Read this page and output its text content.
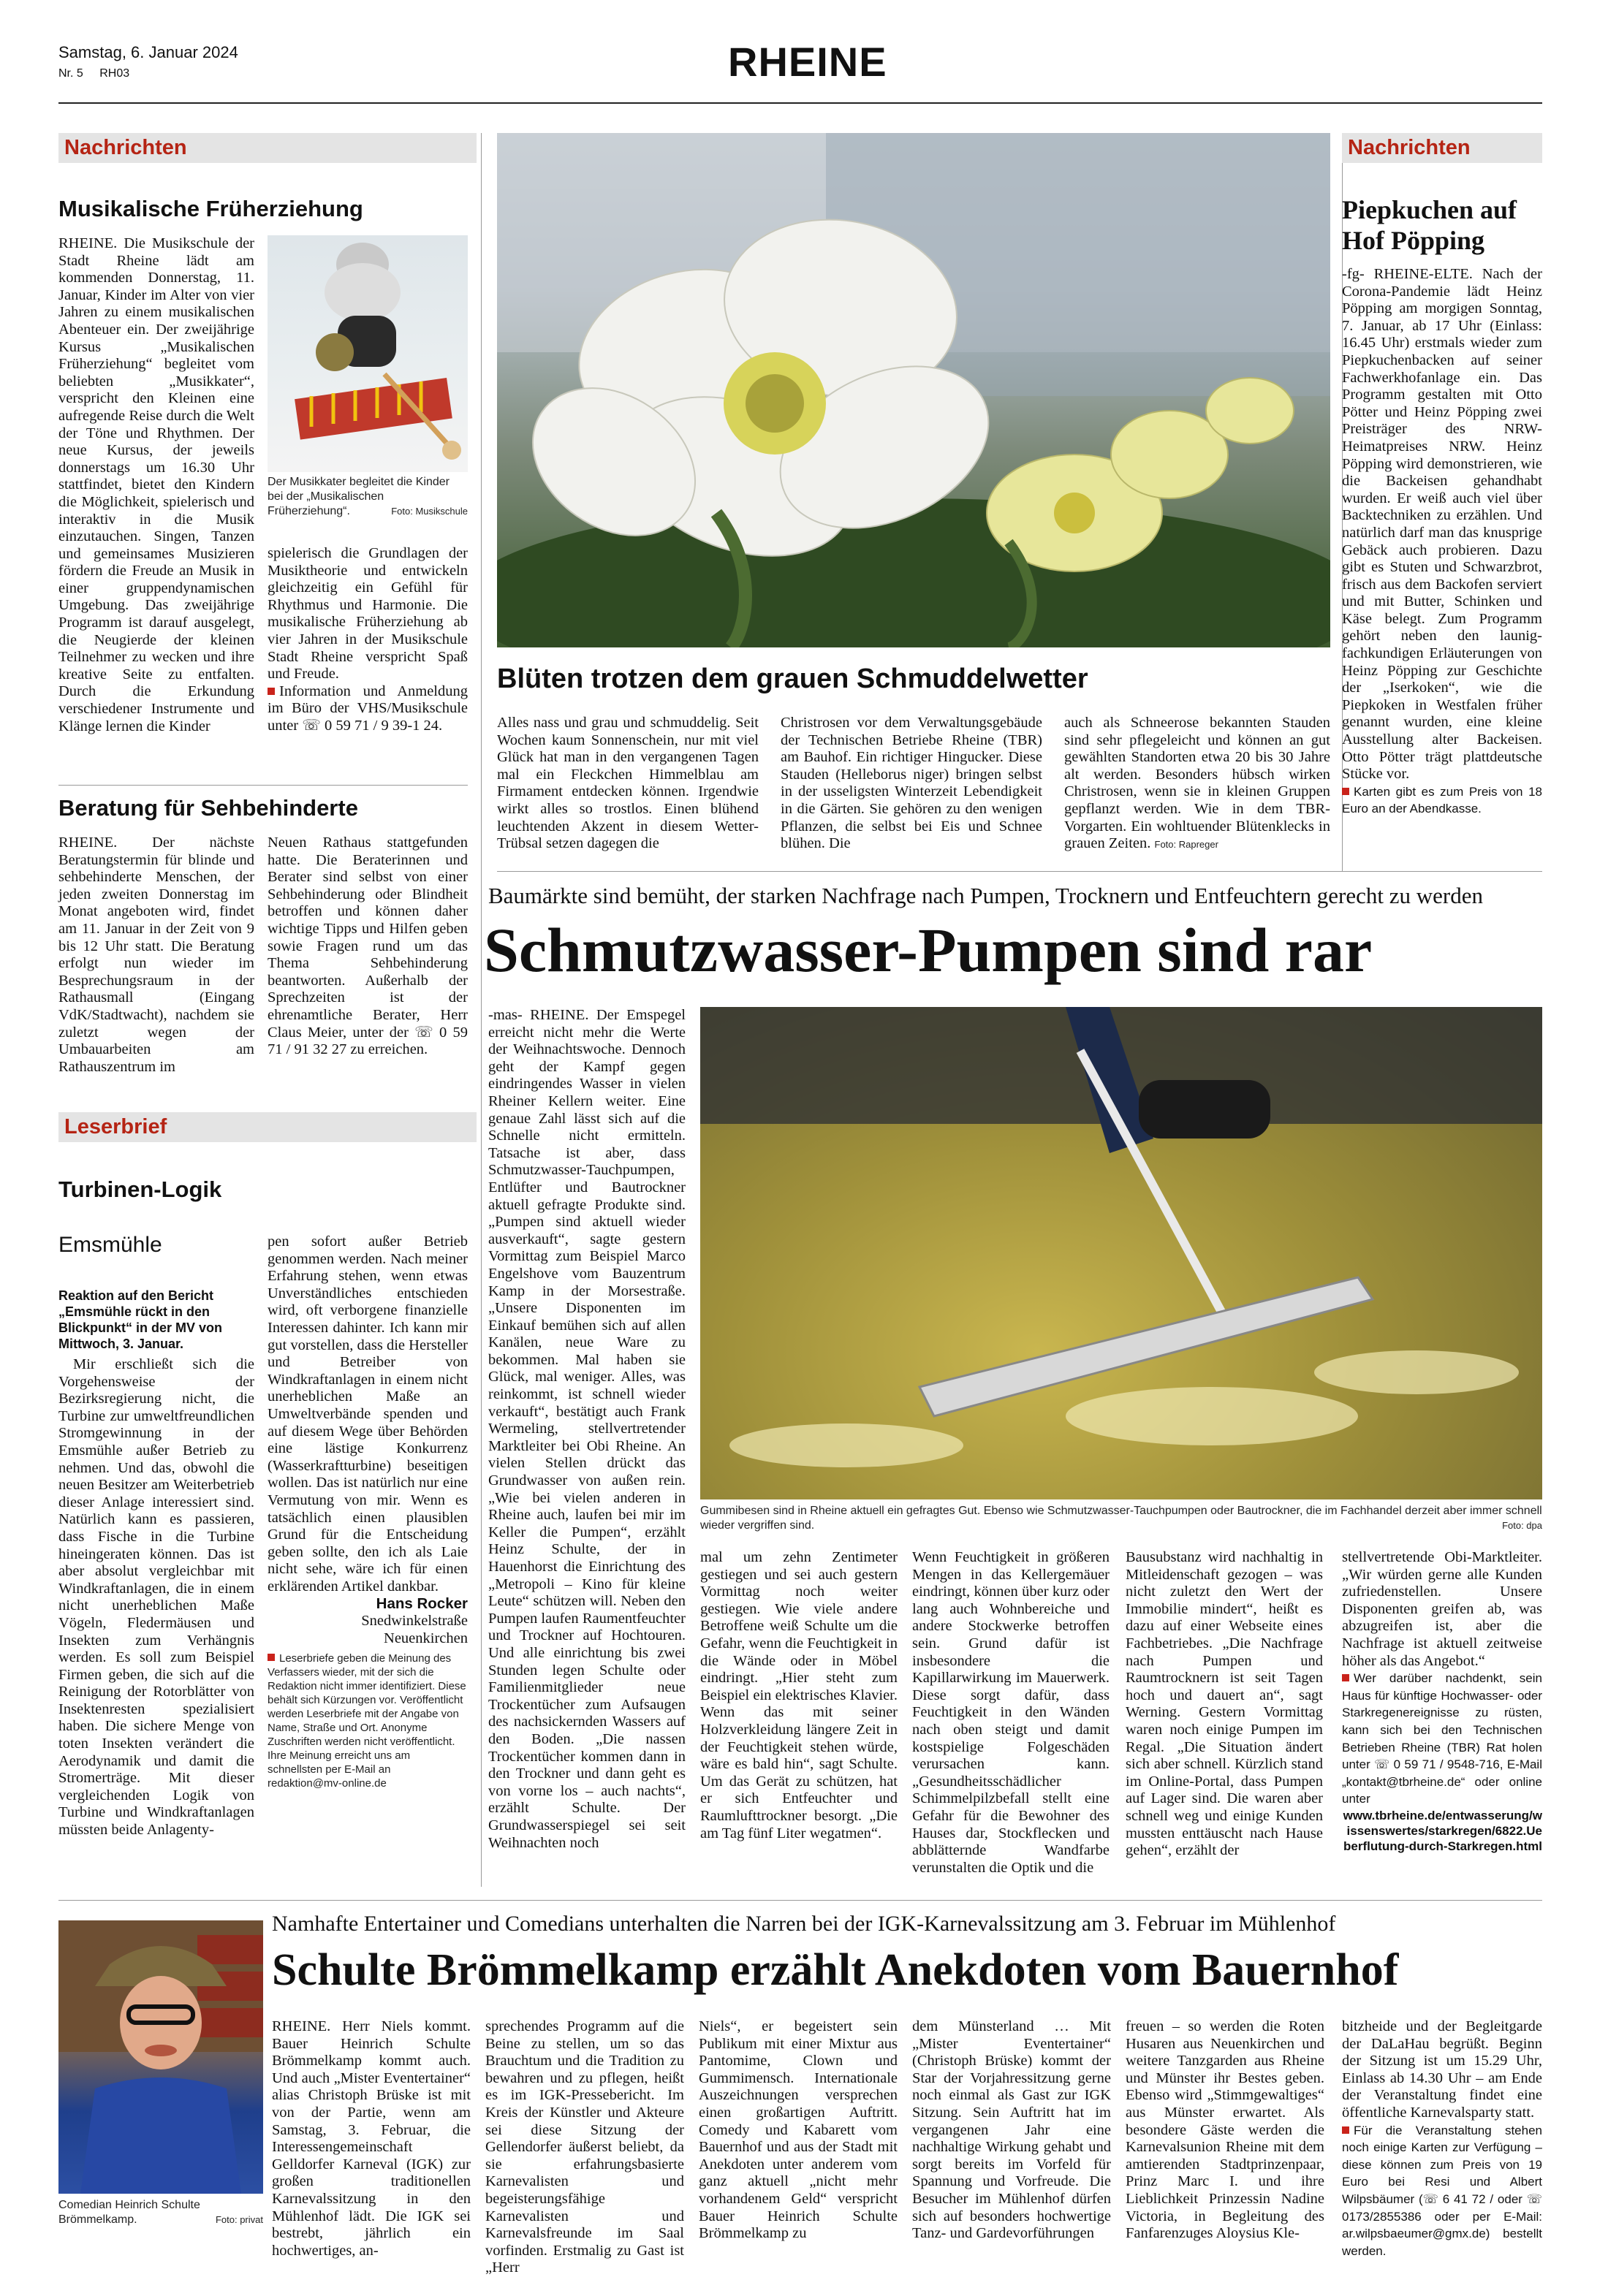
Samstag, 6. Januar 2024
Nr. 5 RH03	RHEINE
Nachrichten
Musikalische Früherziehung
RHEINE. Die Musikschule der Stadt Rheine lädt am kommenden Donnerstag, 11. Januar, Kinder im Alter von vier Jahren zu einem musikalischen Abenteuer ein. Der zweijährige Kursus „Musikalischen Früherziehung“ begleitet vom beliebten „Musikkater“, verspricht den Kleinen eine aufregende Reise durch die Welt der Töne und Rhythmen. Der neue Kursus, der jeweils donnerstags um 16.30 Uhr stattfindet, bietet den Kindern die Möglichkeit, spielerisch und interaktiv in die Musik einzutauchen. Singen, Tanzen und gemeinsames Musizieren fördern die Freude an Musik in einer gruppendynamischen Umgebung. Das zweijährige Programm ist darauf ausgelegt, die Neugierde der kleinen Teilnehmer zu wecken und ihre kreative Seite zu entfalten. Durch die Erkundung verschiedener Instrumente und Klänge lernen die Kinder
Der Musikkater begleitet die Kinder bei der „Musikalischen Früherziehung“.	Foto: Musikschule
spielerisch die Grundlagen der Musiktheorie und entwickeln gleichzeitig ein Gefühl für Rhythmus und Harmonie. Die musikalische Früherziehung ab vier Jahren in der Musikschule Stadt Rheine verspricht Spaß und Freude.
Information und Anmeldung im Büro der VHS/Musikschule unter ☏ 0 59 71 / 9 39-1 24.
Beratung für Sehbehinderte
RHEINE. Der nächste Beratungstermin für blinde und sehbehinderte Menschen, der jeden zweiten Donnerstag im Monat angeboten wird, findet am 11. Januar in der Zeit von 9 bis 12 Uhr statt. Die Beratung erfolgt nun wieder im Besprechungsraum in der Rathausmall (Eingang VdK/Stadtwacht), nachdem sie zuletzt wegen der Umbauarbeiten am Rathauszentrum im
Neuen Rathaus stattgefunden hatte. Die Beraterinnen und Berater sind selbst von einer Sehbehinderung oder Blindheit betroffen und können daher wichtige Tipps und Hilfen geben sowie Fragen rund um das Thema Sehbehinderung beantworten. Außerhalb der Sprechzeiten ist der ehrenamtliche Berater, Herr Claus Meier, unter der ☏ 0 59 71 / 91 32 27 zu erreichen.
Leserbrief
Turbinen-Logik
Emsmühle
Reaktion auf den Bericht „Emsmühle rückt in den Blickpunkt“ in der MV von Mittwoch, 3. Januar.
Mir erschließt sich die Vorgehensweise der Bezirksregierung nicht, die Turbine zur umweltfreundlichen Stromgewinnung in der Emsmühle außer Betrieb zu nehmen. Und das, obwohl die neuen Besitzer am Weiterbetrieb dieser Anlage interessiert sind. Natürlich kann es passieren, dass Fische in die Turbine hineingeraten können. Das ist aber absolut vergleichbar mit Windkraftanlagen, die in einem nicht unerheblichen Maße Vögeln, Fledermäusen und Insekten zum Verhängnis werden. Es soll zum Beispiel Firmen geben, die sich auf die Reinigung der Rotorblätter von Insektenresten spezialisiert haben. Die sichere Menge von toten Insekten verändert die Aerodynamik und damit die Stromerträge. Mit dieser vergleichenden Logik von Turbine und Windkraftanlagen müssten beide Anlagenty-
pen sofort außer Betrieb genommen werden. Nach meiner Erfahrung stehen, wenn etwas Unverständliches entschieden wird, oft verborgene finanzielle Interessen dahinter. Ich kann mir gut vorstellen, dass die Hersteller und Betreiber von Windkraftanlagen in einem nicht unerheblichen Maße an Umweltverbände spenden und auf diesem Wege über Behörden eine lästige Konkurrenz (Wasserkraftturbine) beseitigen wollen. Das ist natürlich nur eine Vermutung von mir. Wenn es tatsächlich einen plausiblen Grund für die Entscheidung geben sollte, den ich als Laie nicht sehe, wäre ich für einen erklärenden Artikel dankbar.
Hans Rocker
Snedwinkelstraße
Neuenkirchen
Leserbriefe geben die Meinung des Verfassers wieder, mit der sich die Redaktion nicht immer identifiziert. Diese behält sich Kürzungen vor. Veröffentlicht werden Leserbriefe mit der Angabe von Name, Straße und Ort. Anonyme Zuschriften werden nicht veröffentlicht. Ihre Meinung erreicht uns am schnellsten per E-Mail an redaktion@mv-online.de
Blüten trotzen dem grauen Schmuddelwetter
Alles nass und grau und schmuddelig. Seit Wochen kaum Sonnenschein, nur mit viel Glück hat man in den vergangenen Tagen mal ein Fleckchen Himmelblau am Firmament entdecken können. Irgendwie wirkt alles so trostlos. Einen blühend leuchtenden Akzent in diesem Wetter-Trübsal setzen dagegen die
Christrosen vor dem Verwaltungsgebäude der Technischen Betriebe Rheine (TBR) am Bauhof. Ein richtiger Hingucker. Diese Stauden (Helleborus niger) bringen selbst in der usseligsten Winterzeit Lebendigkeit in die Gärten. Sie gehören zu den wenigen Pflanzen, die selbst bei Eis und Schnee blühen. Die
auch als Schneerose bekannten Stauden sind sehr pflegeleicht und können an gut gewählten Standorten etwa 20 bis 30 Jahre alt werden. Besonders hübsch wirken Christrosen, wenn sie in kleinen Gruppen gepflanzt werden. Wie in dem TBR-Vorgarten. Ein wohltuender Blütenklecks in grauen Zeiten. Foto: Rapreger
Nachrichten
Piepkuchen auf Hof Pöpping
-fg- RHEINE-ELTE. Nach der Corona-Pandemie lädt Heinz Pöpping am morgigen Sonntag, 7. Januar, ab 17 Uhr (Einlass: 16.45 Uhr) erstmals wieder zum Piepkuchenbacken auf seiner Fachwerkhofanlage ein. Das Programm gestalten mit Otto Pötter und Heinz Pöpping zwei Preisträger des NRW-Heimatpreises NRW. Heinz Pöpping wird demonstrieren, wie die Backeisen gehandhabt wurden. Er weiß auch viel über Backtechniken zu erzählen. Und natürlich darf man das knusprige Gebäck auch probieren. Dazu gibt es Stuten und Schwarzbrot, frisch aus dem Backofen serviert und mit Butter, Schinken und Käse belegt. Zum Programm gehört neben den launig-fachkundigen Erläuterungen von Heinz Pöpping zur Geschichte der „Iserkoken“, wie die Piepkoken in Westfalen früher genannt wurden, eine kleine Ausstellung alter Backeisen. Otto Pötter trägt plattdeutsche Stücke vor.
Karten gibt es zum Preis von 18 Euro an der Abendkasse.
Baumärkte sind bemüht, der starken Nachfrage nach Pumpen, Trocknern und Entfeuchtern gerecht zu werden
Schmutzwasser-Pumpen sind rar
-mas- RHEINE. Der Emspegel erreicht nicht mehr die Werte der Weihnachtswoche. Dennoch geht der Kampf gegen eindringendes Wasser in vielen Rheiner Kellern weiter. Eine genaue Zahl lässt sich auf die Schnelle nicht ermitteln. Tatsache ist aber, dass Schmutzwasser-Tauchpumpen, Entlüfter und Bautrockner aktuell gefragte Produkte sind. „Pumpen sind aktuell wieder ausverkauft“, sagte gestern Vormittag zum Beispiel Marco Engelshove vom Bauzentrum Kamp in der Morsestraße. „Unsere Disponenten im Einkauf bemühen sich auf allen Kanälen, neue Ware zu bekommen. Mal haben sie Glück, mal weniger. Alles, was reinkommt, ist schnell wieder verkauft“, bestätigt auch Frank Wermeling, stellvertretender Marktleiter bei Obi Rheine. An vielen Stellen drückt das Grundwasser von außen rein. „Wie bei vielen anderen in Rheine auch, laufen bei mir im Keller die Pumpen“, erzählt Heinz Schulte, der in Hauenhorst die Einrichtung des „Metropoli – Kino für kleine Leute“ schützen will. Neben den Pumpen laufen Raumentfeuchter und Trockner auf Hochtouren. Und alle einrichtung bis zwei Stunden legen Schulte oder Familienmitglieder neue Trockentücher zum Aufsaugen des nachsickernden Wassers auf den Boden. „Die nassen Trockentücher kommen dann in den Trockner und dann geht es von vorne los – auch nachts“, erzählt Schulte. Der Grundwasserspiegel sei seit Weihnachten noch
Gummibesen sind in Rheine aktuell ein gefragtes Gut. Ebenso wie Schmutzwasser-Tauchpumpen oder Bautrockner, die im Fachhandel derzeit aber immer schnell wieder vergriffen sind.	Foto: dpa
mal um zehn Zentimeter gestiegen und sei auch gestern Vormittag noch weiter gestiegen. Wie viele andere Betroffene weiß Schulte um die Gefahr, wenn die Feuchtigkeit in die Wände oder in Möbel eindringt. „Hier steht zum Beispiel ein elektrisches Klavier. Wenn das mit seiner Holzverkleidung längere Zeit in der Feuchtigkeit stehen würde, wäre es bald hin“, sagt Schulte. Um das Gerät zu schützen, hat er sich Entfeuchter und Raumlufttrockner besorgt. „Die am Tag fünf Liter wegatmen“.
Wenn Feuchtigkeit in größeren Mengen in das Kellergemäuer eindringt, können über kurz oder lang auch Wohnbereiche und andere Stockwerke betroffen sein. Grund dafür ist insbesondere die Kapillarwirkung im Mauerwerk. Diese sorgt dafür, dass Feuchtigkeit in den Wänden nach oben steigt und damit kostspielige Folgeschäden verursachen kann. „Gesundheitsschädlicher Schimmelpilzbefall stellt eine Gefahr für die Bewohner des Hauses dar, Stockflecken und abblätternde Wandfarbe verunstalten die Optik und die
Bausubstanz wird nachhaltig in Mitleidenschaft gezogen – was nicht zuletzt den Wert der Immobilie mindert“, heißt es dazu auf einer Webseite eines Fachbetriebes. „Die Nachfrage nach Pumpen und Raumtrocknern ist seit Tagen hoch und dauert an“, sagt Werning. Gestern Vormittag waren noch einige Pumpen im Regal. „Die Situation ändert sich aber schnell. Kürzlich stand im Online-Portal, dass Pumpen auf Lager sind. Die waren aber schnell weg und einige Kunden mussten enttäuscht nach Hause gehen“, erzählt der
stellvertretende Obi-Marktleiter. „Wir würden gerne alle Kunden zufriedenstellen. Unsere Disponenten greifen ab, was abzugreifen ist, aber die Nachfrage ist aktuell zeitweise höher als das Angebot.“
Wer darüber nachdenkt, sein Haus für künftige Hochwasser- oder Starkregenereignisse zu rüsten, kann sich bei den Technischen Betrieben Rheine (TBR) Rat holen unter ☏ 0 59 71 / 9548-716, E-Mail „kontakt@tbrheine.de“ oder online unter
www.tbrheine.de/entwasserung/wissenswertes/starkregen/6822.Ueberflutung-durch-Starkregen.html
Comedian Heinrich Schulte Brömmelkamp.	Foto: privat
Namhafte Entertainer und Comedians unterhalten die Narren bei der IGK-Karnevalssitzung am 3. Februar im Mühlenhof
Schulte Brömmelkamp erzählt Anekdoten vom Bauernhof
RHEINE. Herr Niels kommt. Bauer Heinrich Schulte Brömmelkamp kommt auch. Und auch „Mister Eventertainer“ alias Christoph Brüske ist mit von der Partie, wenn am Samstag, 3. Februar, die Interessengemeinschaft Gelldorfer Karneval (IGK) zur großen traditionellen Karnevalssitzung in den Mühlenhof lädt. Die IGK sei bestrebt, jährlich ein hochwertiges, an-
sprechendes Programm auf die Beine zu stellen, um so das Brauchtum und die Tradition zu bewahren und zu pflegen, heißt es im IGK-Pressebericht. Im Kreis der Künstler und Akteure sei diese Sitzung der Gellendorfer äußerst beliebt, da sie erfahrungsbasierte Karnevalisten und begeisterungsfähige Karnevalisten und Karnevalsfreunde im Saal vorfinden. Erstmalig zu Gast ist „Herr
Niels“, er begeistert sein Publikum mit einer Mixtur aus Pantomime, Clown und Gummimensch. Internationale Auszeichnungen versprechen einen großartigen Auftritt. Comedy und Kabarett vom Bauernhof und aus der Stadt mit Anekdoten unter anderem vom ganz aktuell „nicht mehr vorhandenem Geld“ verspricht Bauer Heinrich Schulte Brömmelkamp zu
dem Münsterland … Mit „Mister Eventertainer“ (Christoph Brüske) kommt der Star der Vorjahressitzung gerne noch einmal als Gast zur IGK Sitzung. Sein Auftritt hat im vergangenen Jahr eine nachhaltige Wirkung gehabt und sorgt bereits im Vorfeld für Spannung und Vorfreude. Die Besucher im Mühlenhof dürfen sich auf besonders hochwertige Tanz- und Gardevorführungen
freuen – so werden die Roten Husaren aus Neuenkirchen und weitere Tanzgarden aus Rheine und Münster ihr Bestes geben. Ebenso wird „Stimmgewaltiges“ aus Münster erwartet. Als besondere Gäste werden die Karnevalsunion Rheine mit dem amtierenden Stadtprinzenpaar, Prinz Marc I. und ihre Lieblichkeit Prinzessin Nadine Victoria, in Begleitung des Fanfarenzuges Aloysius Kle-
bitzheide und der Begleitgarde der DaLaHau begrüßt. Beginn der Sitzung ist um 15.29 Uhr, Einlass ab 14.30 Uhr – am Ende der Veranstaltung findet eine öffentliche Karnevalsparty statt.
Für die Veranstaltung stehen noch einige Karten zur Verfügung – diese können zum Preis von 19 Euro bei Resi und Albert Wilpsbäumer (☏ 6 41 72 / oder ☏ 0173/2855386 oder per E-Mail: ar.wilpsbaeumer@gmx.de) bestellt werden.
